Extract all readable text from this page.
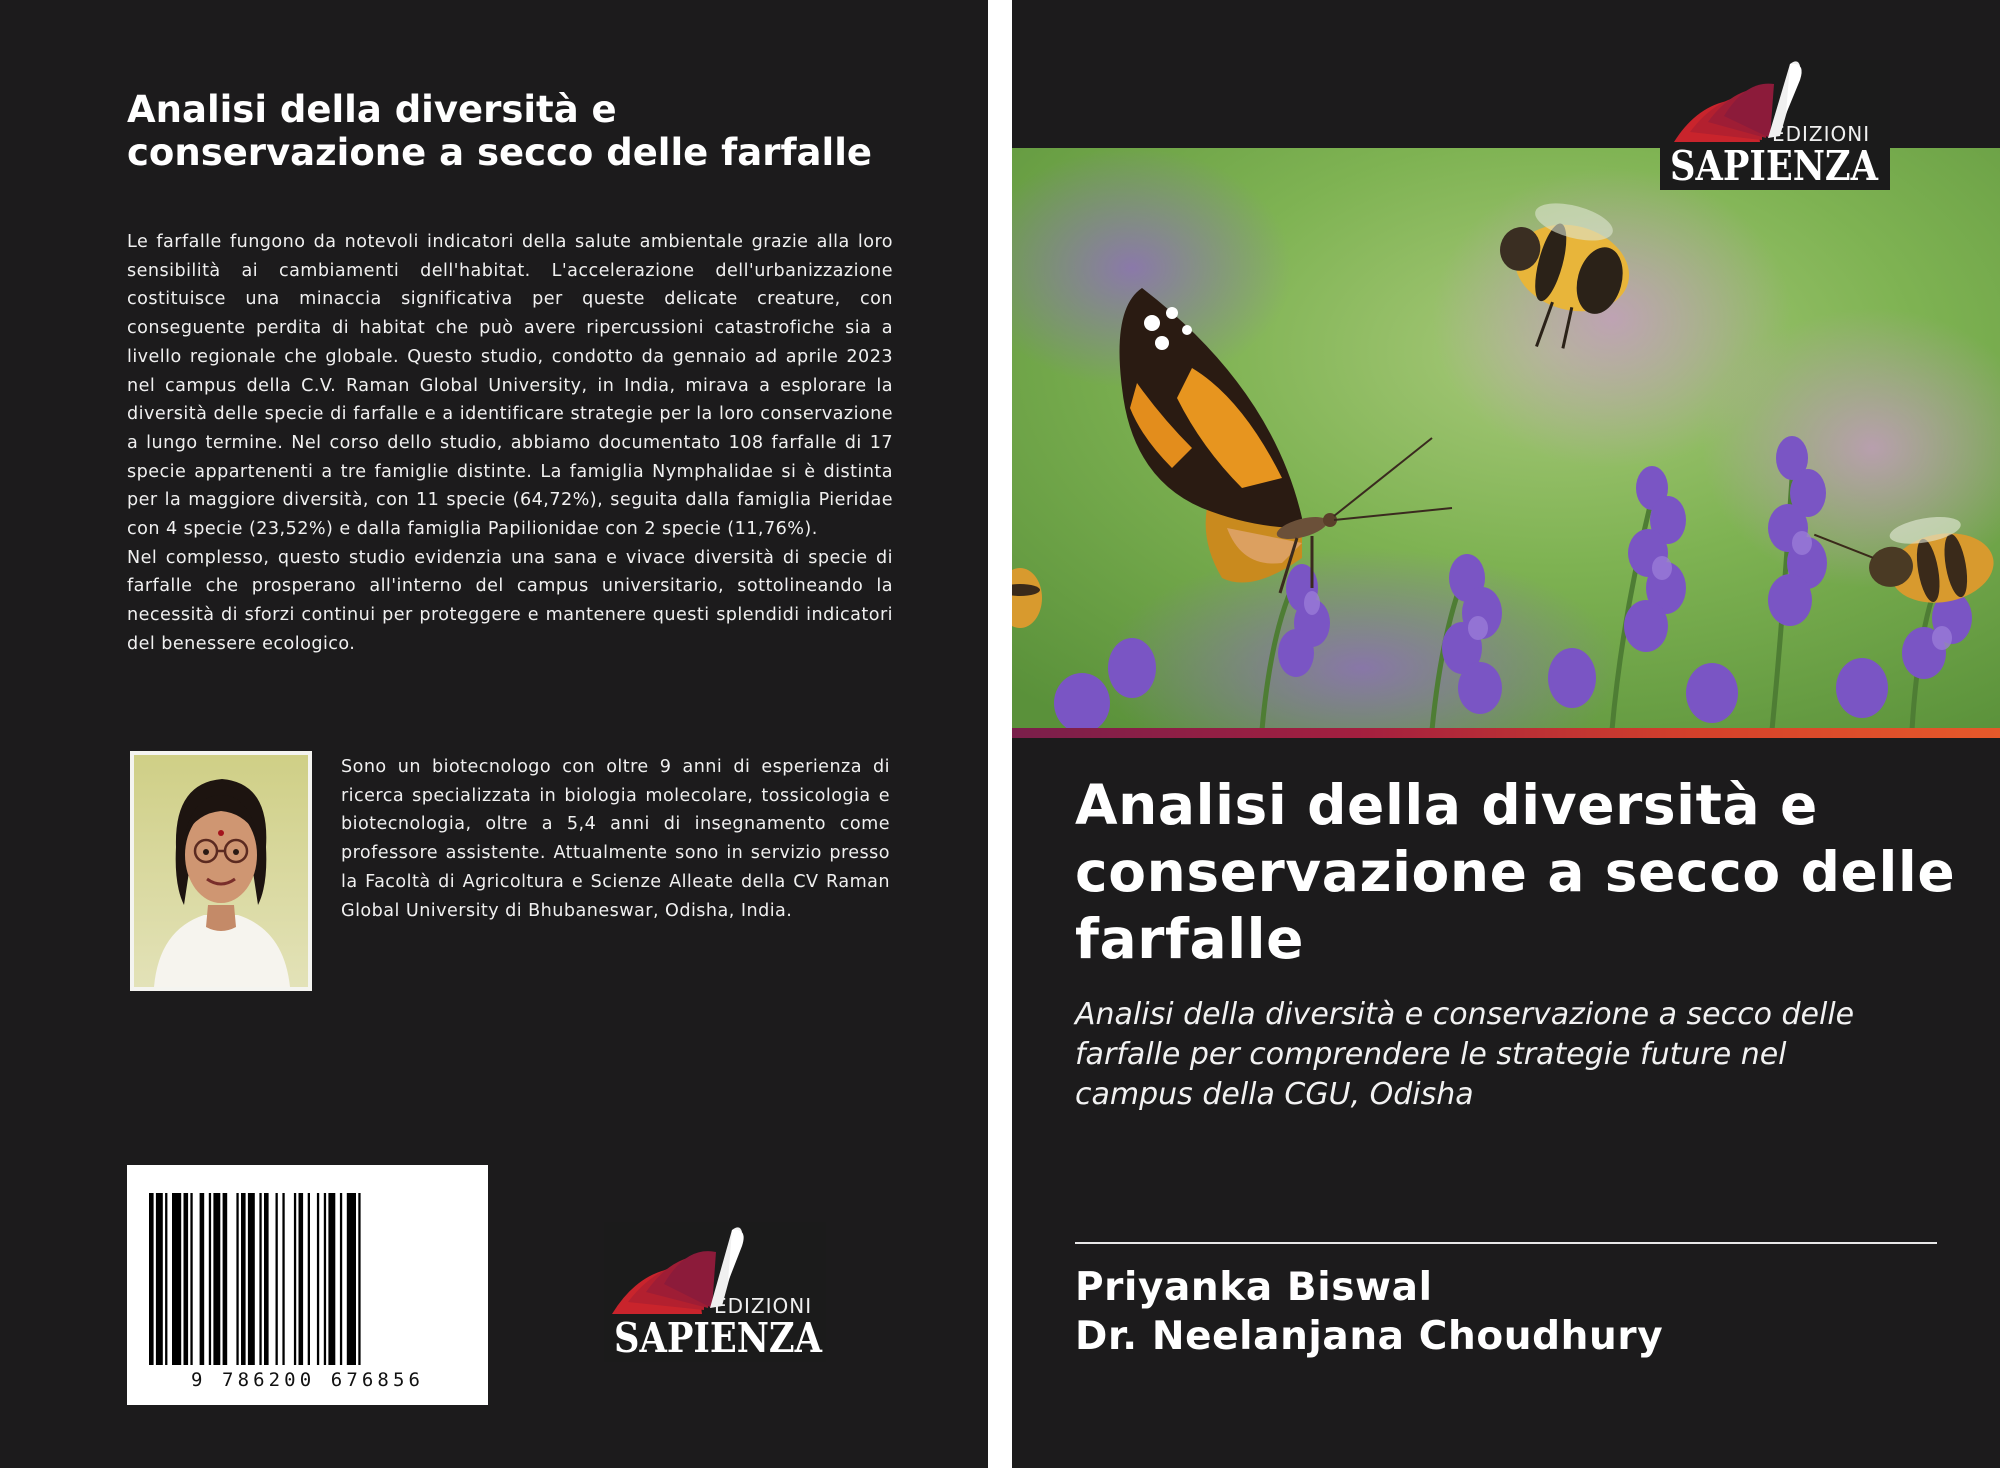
Analisi della diversità e conservazione a secco delle farfalle

Le farfalle fungono da notevoli indicatori della salute ambientale grazie alla loro sensibilità ai cambiamenti dell'habitat. L'accelerazione dell'urbanizzazione costituisce una minaccia significativa per queste delicate creature, con conseguente perdita di habitat che può avere ripercussioni catastrofiche sia a livello regionale che globale. Questo studio, condotto da gennaio ad aprile 2023 nel campus della C.V. Raman Global University, in India, mirava a esplorare la diversità delle specie di farfalle e a identificare strategie per la loro conservazione a lungo termine. Nel corso dello studio, abbiamo documentato 108 farfalle di 17 specie appartenenti a tre famiglie distinte. La famiglia Nymphalidae si è distinta per la maggiore diversità, con 11 specie (64,72%), seguita dalla famiglia Pieridae con 4 specie (23,52%) e dalla famiglia Papilionidae con 2 specie (11,76%).

Nel complesso, questo studio evidenzia una sana e vivace diversità di specie di farfalle che prosperano all'interno del campus universitario, sottolineando la necessità di sforzi continui per proteggere e mantenere questi splendidi indicatori del benessere ecologico.

Sono un biotecnologo con oltre 9 anni di esperienza di ricerca specializzata in biologia molecolare, tossicologia e biotecnologia, oltre a 5,4 anni di insegnamento come professore assistente. Attualmente sono in servizio presso la Facoltà di Agricoltura e Scienze Alleate della CV Raman Global University di Bhubaneswar, Odisha, India.

9 786200 676856
EDIZIONI
SAPIENZA
EDIZIONI
SAPIENZA
Analisi della diversità e conservazione a secco delle farfalle

Analisi della diversità e conservazione a secco delle farfalle per comprendere le strategie future nel campus della CGU, Odisha

Priyanka Biswal

Dr. Neelanjana Choudhury
